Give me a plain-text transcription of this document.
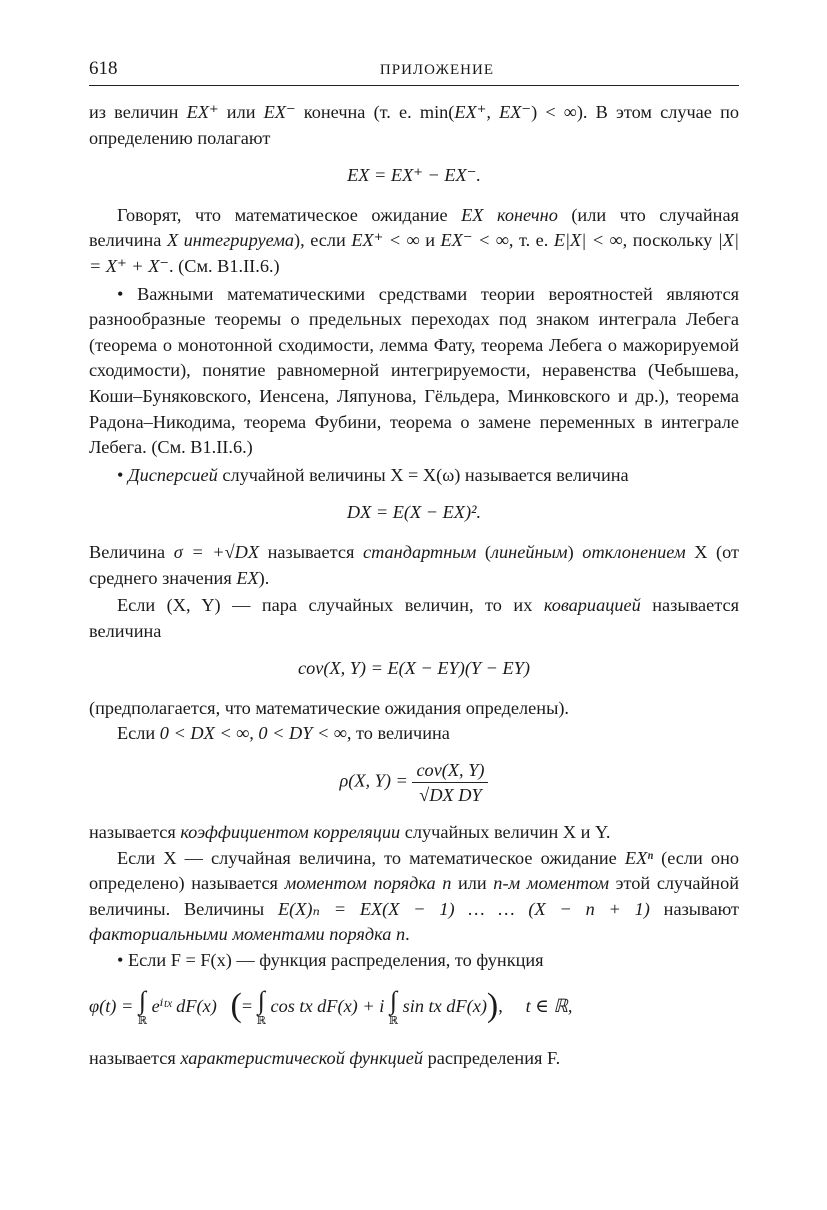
618	ПРИЛОЖЕНИЕ

из величин EX⁺ или EX⁻ конечна (т. е. min(EX⁺, EX⁻) < ∞). В этом случае по определению полагают

EX = EX⁺ − EX⁻.

Говорят, что математическое ожидание EX конечно (или что случайная величина X интегрируема), если EX⁺ < ∞ и EX⁻ < ∞, т. е. E|X| < ∞, поскольку |X| = X⁺ + X⁻. (См. В1.II.6.)

• Важными математическими средствами теории вероятностей являются разнообразные теоремы о предельных переходах под знаком интеграла Лебега (теорема о монотонной сходимости, лемма Фату, теорема Лебега о мажорируемой сходимости), понятие равномерной интегрируемости, неравенства (Чебышева, Коши–Буняковского, Иенсена, Ляпунова, Гёльдера, Минковского и др.), теорема Радона–Никодима, теорема Фубини, теорема о замене переменных в интеграле Лебега. (См. В1.II.6.)

• Дисперсией случайной величины X = X(ω) называется величина

DX = E(X − EX)².

Величина σ = +√DX называется стандартным (линейным) отклонением X (от среднего значения EX).

Если (X, Y) — пара случайных величин, то их ковариацией называется величина

cov(X, Y) = E(X − EY)(Y − EY)

(предполагается, что математические ожидания определены).

Если 0 < DX < ∞, 0 < DY < ∞, то величина

ρ(X, $Y) = \frac{\text{cov(X, Y)}}{\text{√DX DY}}$

называется коэффициентом корреляции случайных величин X и Y.

Если X — случайная величина, то математическое ожидание EXⁿ (если оно определено) называется моментом порядка n или n-м моментом этой случайной величины. Величины E(X)ₙ = EX(X − 1) … … (X − n + 1) называют факториальными моментами порядка n.

• Если F = F(x) — функция распределения, то функция

φ(t) = ∫
ℝ
eⁱᵗˣ dF(x) (= ∫
ℝ
cos tx dF(x) + i ∫
ℝ
sin tx dF(x)),     t ∈ ℝ,

называется характеристической функцией распределения F.
